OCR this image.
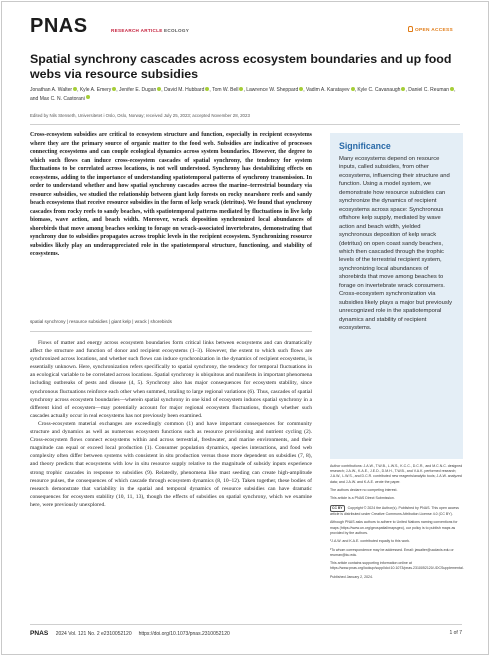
PNAS	RESEARCH ARTICLE ECOLOGY	OPEN ACCESS
Spatial synchrony cascades across ecosystem boundaries and up food webs via resource subsidies
Jonathan A. Walter , Kyle A. Emery , Jenifer E. Dugan , David M. Hubbard , Tom W. Bell , Lawrence W. Sheppard , Vadim A. Karatayev , Kyle C. Cavanaugh , Daniel C. Reuman , and Max C. N. Castorani
Edited by Nils Stenseth, Universitetet i Oslo, Oslo, Norway; received July 25, 2023; accepted November 28, 2023

Cross-ecosystem subsidies are critical to ecosystem structure and function, especially in recipient ecosystems where they are the primary source of organic matter to the food web. Subsidies are indicative of processes connecting ecosystems and can couple ecological dynamics across system boundaries. However, the degree to which such flows can induce cross-ecosystem cascades of spatial synchrony, the tendency for system fluctuations to be correlated across locations, is not well understood. Synchrony has destabilizing effects on ecosystems, adding to the importance of understanding spatiotemporal patterns of synchrony transmission. In order to understand whether and how spatial synchrony cascades across the marine–terrestrial boundary via resource subsidies, we studied the relationship between giant kelp forests on rocky nearshore reefs and sandy beach ecosystems that receive resource subsidies in the form of kelp wrack (detritus). We found that synchrony cascades from rocky reefs to sandy beaches, with spatiotemporal patterns mediated by fluctuations in live kelp biomass, wave action, and beach width. Moreover, wrack deposition synchronized local abundances of shorebirds that move among beaches seeking to forage on wrack-associated invertebrates, demonstrating that synchrony due to subsidies propagates across trophic levels in the recipient ecosystem. Synchronizing resource subsidies likely play an underappreciated role in the spatiotemporal structure, functioning, and stability of ecosystems.

spatial synchrony | resource subsidies | giant kelp | wrack | shorebirds

Flows of matter and energy across ecosystem boundaries form critical links between ecosystems and can dramatically affect the structure and function of donor and recipient ecosystems (1–3). However, the extent to which such flows are synchronized across locations, and whether such flows can induce synchronization in the dynamics of recipient ecosystems, is essentially unknown. Here, synchronization refers specifically to spatial synchrony, the tendency for temporal fluctuations in an ecological variable to be correlated across locations. Spatial synchrony is ubiquitous and manifests in important phenomena including outbreaks of pests and disease (4, 5). Synchrony also has major consequences for ecosystem stability, since synchronous fluctuations reinforce each other when summed, totaling to large regional variations (6). Thus, cascades of spatial synchrony across ecosystem boundaries—wherein spatial synchrony in one kind of ecosystem induces spatial synchrony in a different kind of ecosystem—may potentially account for major regional ecosystem fluctuations, though whether such cascades actually occur in real ecosystems has not previously been examined.

Cross-ecosystem material exchanges are exceedingly common (1) and have important consequences for community structure and dynamics as well as numerous ecosystem functions such as resource provisioning and nutrient cycling (2). Cross-ecosystem flows connect ecosystems within and across terrestrial, freshwater, and marine environments, and their magnitude can equal or exceed local production (1). Consumer population dynamics, species interactions, and food web complexity often differ between systems with consistent in situ production versus those more dependent on subsidies (7, 8), and theory predicts that ecosystems with low in situ resource supply relative to the magnitude of subsidy inputs experience strong trophic cascades in response to subsidies (9). Relatedly, phenomena like mast seeding can create high-amplitude resource pulses, the consequences of which cascade through ecosystem dynamics (8, 10–12). Taken together, these bodies of research demonstrate that variability in the spatial and temporal dynamics of resource subsidies can have dramatic consequences for ecosystem stability (10, 11, 13), though the effects of subsidies on spatial synchrony, which we examine here, were previously unexplored.

Significance

Many ecosystems depend on resource inputs, called subsidies, from other ecosystems, influencing their structure and function. Using a model system, we demonstrate how resource subsidies can synchronize the dynamics of recipient ecosystems across space: Synchronous offshore kelp supply, mediated by wave action and beach width, yielded synchronous deposition of kelp wrack (detritus) on open coast sandy beaches, which then cascaded through the trophic levels of the terrestrial recipient system, synchronizing local abundances of shorebirds that move among beaches to forage on invertebrate wrack consumers. Cross-ecosystem synchronization via subsidies likely plays a major but previously unrecognized role in the spatiotemporal dynamics and stability of recipient ecosystems.

Author contributions: J.A.W., T.W.B., L.W.S., K.C.C., D.C.R., and M.C.N.C. designed research; J.A.W., K.A.E., J.E.D., D.M.H., T.W.B., and V.A.K. performed research; J.A.W., L.W.S., and D.C.R. contributed new reagents/analytic tools; J.A.W. analyzed data; and J.A.W. and K.A.E. wrote the paper.

The authors declare no competing interest.

This article is a PNAS Direct Submission.

CC BY Copyright © 2024 the Author(s). Published by PNAS. This open access article is distributed under Creative Commons Attribution License 4.0 (CC BY).

Although PNAS asks authors to adhere to United Nations naming conventions for maps (https://www.un.org/geospatial/mapsgeo), our policy is to publish maps as provided by the authors.

¹J.A.W. and K.A.E. contributed equally to this work.

²To whom correspondence may be addressed. Email: jawalter@ucdavis.edu or reuman@ku.edu.

This article contains supporting information online at https://www.pnas.org/lookup/suppl/doi:10.1073/pnas.2310052120/-/DCSupplemental.

Published January 2, 2024.

PNAS 2024 Vol. 121 No. 2 e2310052120 https://doi.org/10.1073/pnas.2310052120	1 of 7
